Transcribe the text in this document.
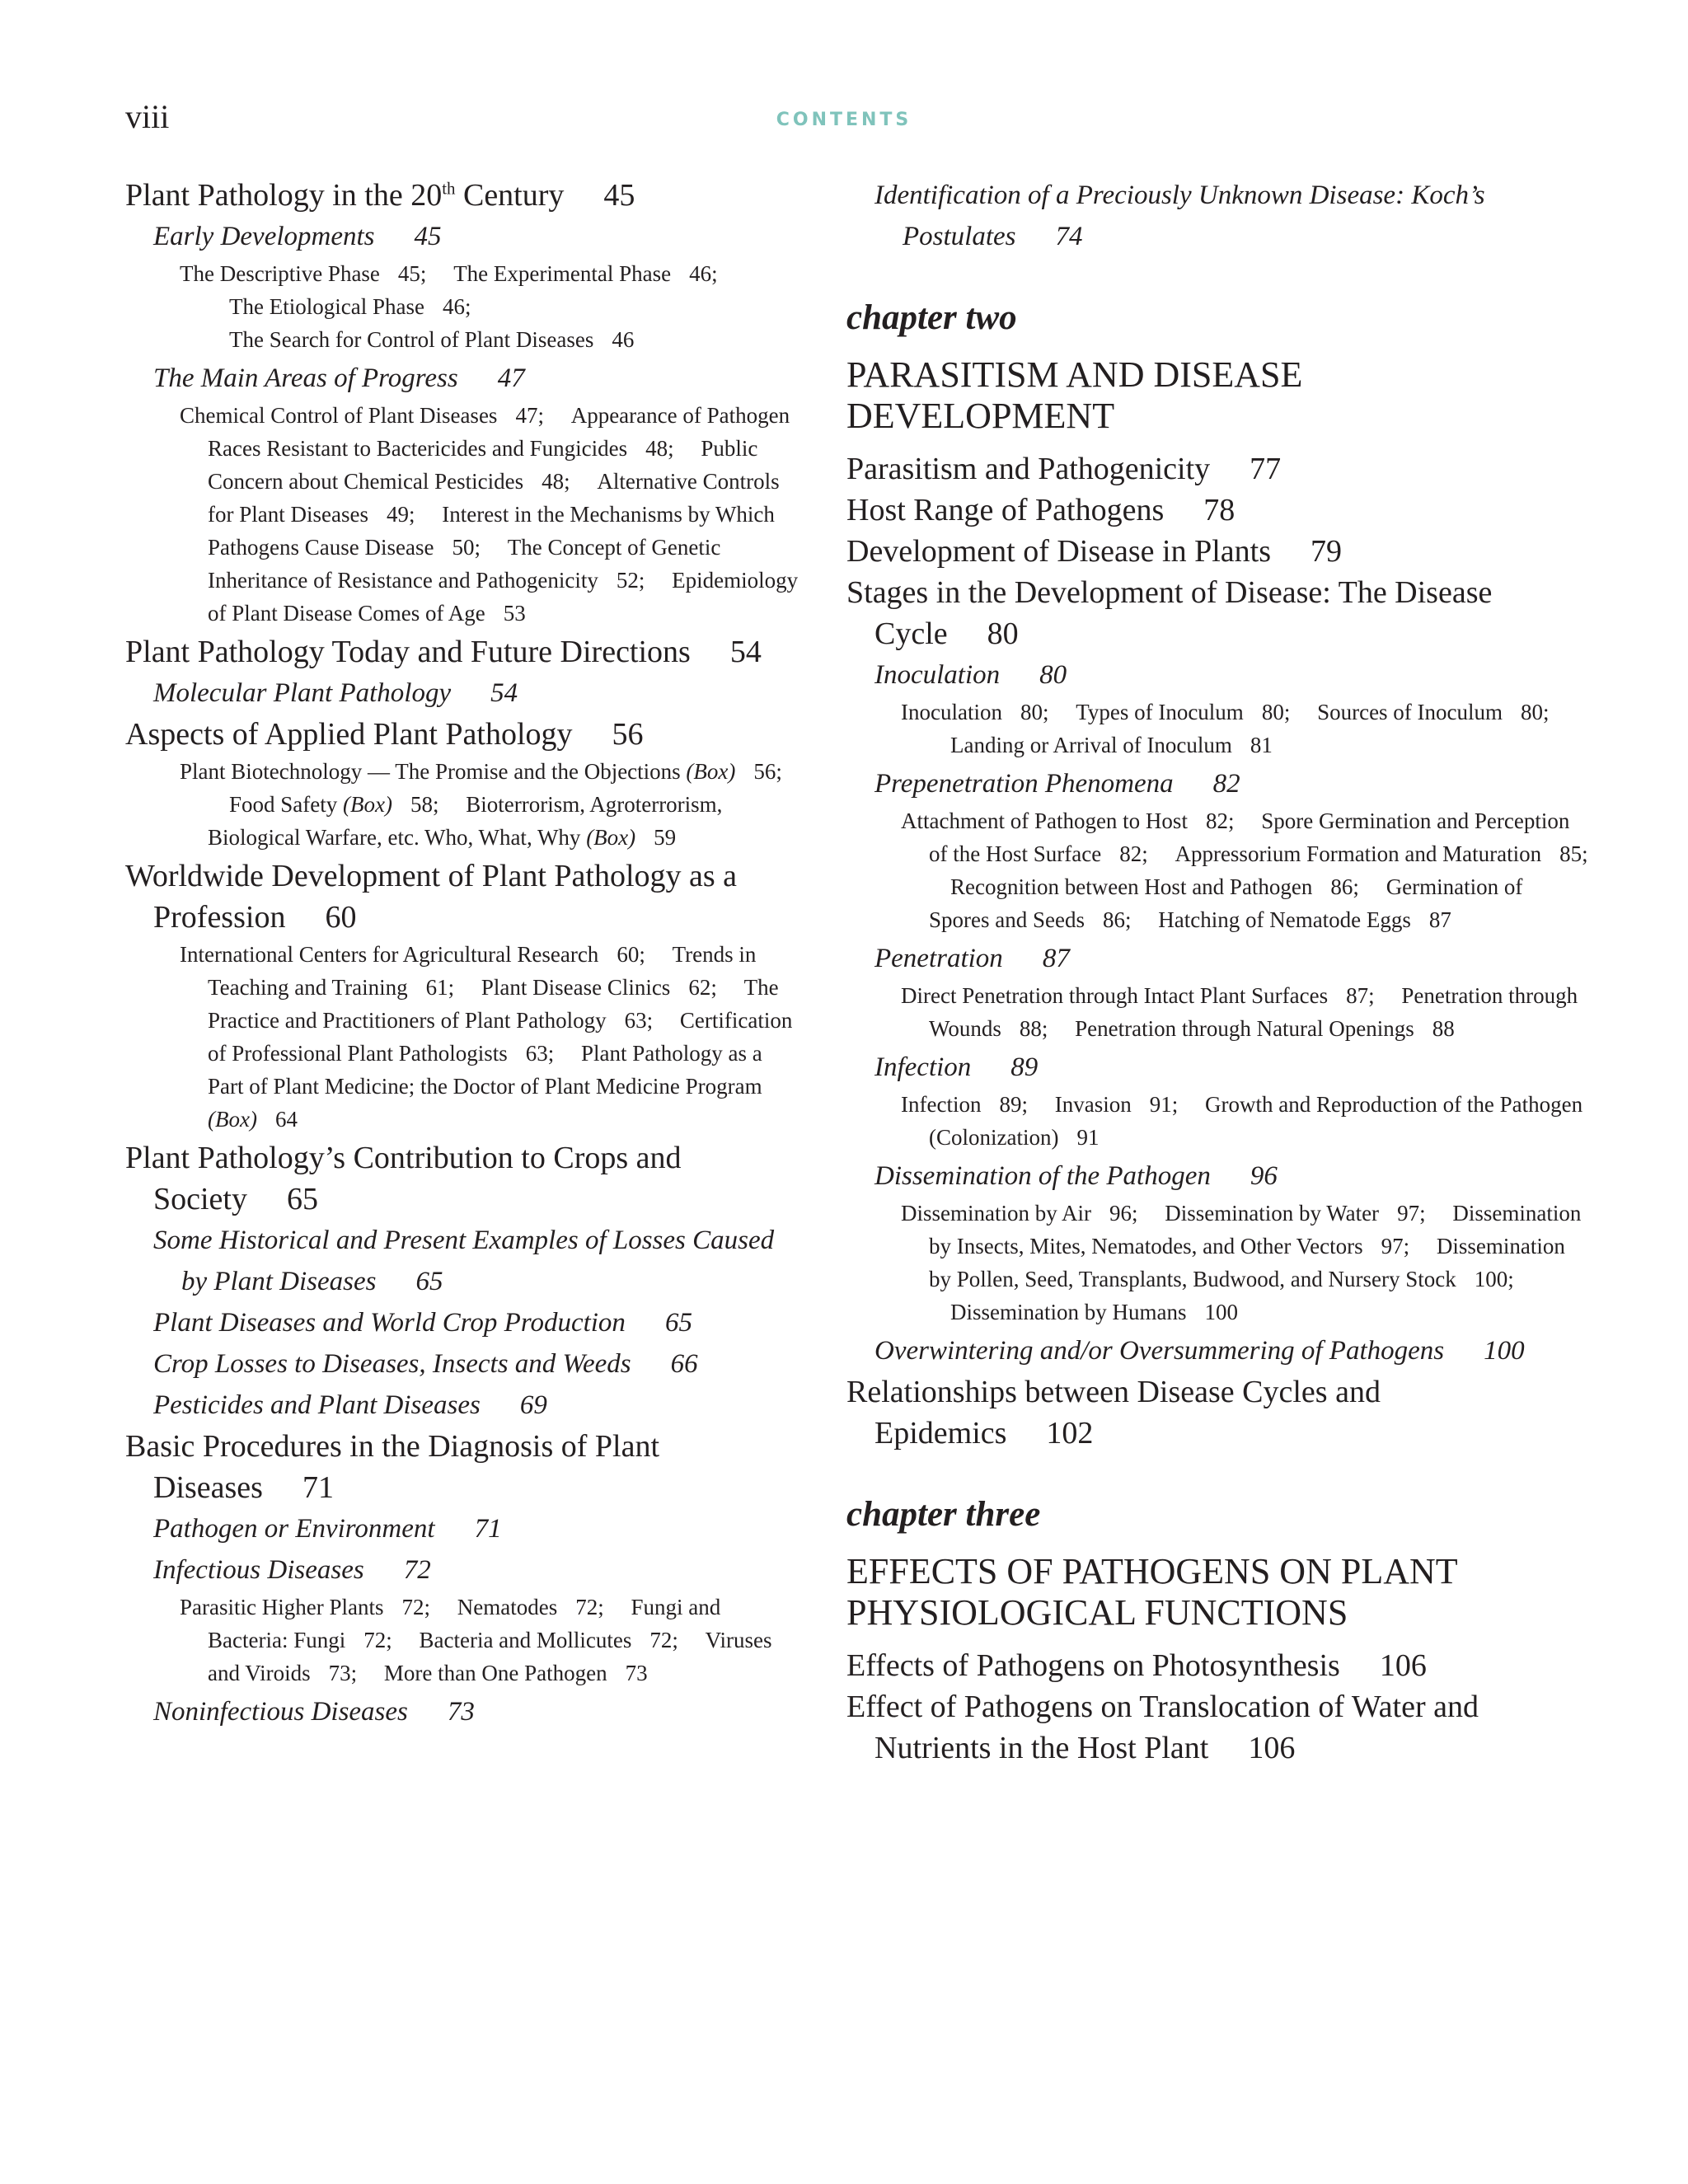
viii	CONTENTS
Plant Pathology in the 20th Century 45
Early Developments 45
The Descriptive Phase 45; The Experimental Phase 46; The Etiological Phase 46; The Search for Control of Plant Diseases 46
The Main Areas of Progress 47
Chemical Control of Plant Diseases 47; Appearance of Pathogen Races Resistant to Bactericides and Fungicides 48; Public Concern about Chemical Pesticides 48; Alternative Controls for Plant Diseases 49; Interest in the Mechanisms by Which Pathogens Cause Disease 50; The Concept of Genetic Inheritance of Resistance and Pathogenicity 52; Epidemiology of Plant Disease Comes of Age 53
Plant Pathology Today and Future Directions 54
Molecular Plant Pathology 54
Aspects of Applied Plant Pathology 56
Plant Biotechnology — The Promise and the Objections (Box) 56; Food Safety (Box) 58; Bioterrorism, Agroterrorism, Biological Warfare, etc. Who, What, Why (Box) 59
Worldwide Development of Plant Pathology as a Profession 60
International Centers for Agricultural Research 60; Trends in Teaching and Training 61; Plant Disease Clinics 62; The Practice and Practitioners of Plant Pathology 63; Certification of Professional Plant Pathologists 63; Plant Pathology as a Part of Plant Medicine; the Doctor of Plant Medicine Program (Box) 64
Plant Pathology’s Contribution to Crops and Society 65
Some Historical and Present Examples of Losses Caused by Plant Diseases 65
Plant Diseases and World Crop Production 65
Crop Losses to Diseases, Insects and Weeds 66
Pesticides and Plant Diseases 69
Basic Procedures in the Diagnosis of Plant Diseases 71
Pathogen or Environment 71
Infectious Diseases 72
Parasitic Higher Plants 72; Nematodes 72; Fungi and Bacteria: Fungi 72; Bacteria and Mollicutes 72; Viruses and Viroids 73; More than One Pathogen 73
Noninfectious Diseases 73
Identification of a Preciously Unknown Disease: Koch’s Postulates 74
chapter two
PARASITISM AND DISEASE
DEVELOPMENT
Parasitism and Pathogenicity 77
Host Range of Pathogens 78
Development of Disease in Plants 79
Stages in the Development of Disease: The Disease Cycle 80
Inoculation 80
Inoculation 80; Types of Inoculum 80; Sources of Inoculum 80; Landing or Arrival of Inoculum 81
Prepenetration Phenomena 82
Attachment of Pathogen to Host 82; Spore Germination and Perception of the Host Surface 82; Appressorium Formation and Maturation 85; Recognition between Host and Pathogen 86; Germination of Spores and Seeds 86; Hatching of Nematode Eggs 87
Penetration 87
Direct Penetration through Intact Plant Surfaces 87; Penetration through Wounds 88; Penetration through Natural Openings 88
Infection 89
Infection 89; Invasion 91; Growth and Reproduction of the Pathogen (Colonization) 91
Dissemination of the Pathogen 96
Dissemination by Air 96; Dissemination by Water 97; Dissemination by Insects, Mites, Nematodes, and Other Vectors 97; Dissemination by Pollen, Seed, Transplants, Budwood, and Nursery Stock 100; Dissemination by Humans 100
Overwintering and/or Oversummering of Pathogens 100
Relationships between Disease Cycles and Epidemics 102
chapter three
EFFECTS OF PATHOGENS ON PLANT
PHYSIOLOGICAL FUNCTIONS
Effects of Pathogens on Photosynthesis 106
Effect of Pathogens on Translocation of Water and Nutrients in the Host Plant 106
